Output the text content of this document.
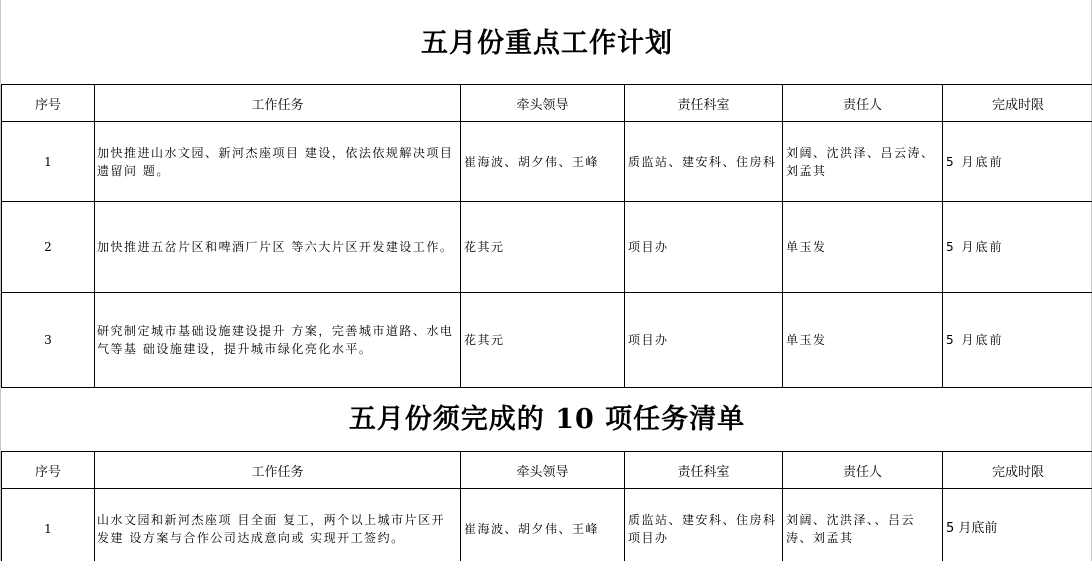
五月份重点工作计划
序号	工作任务	牵头领导	责任科室	责任人	完成时限
1	加快推进山水文园、新河杰座项目 建设，依法依规解决项目遗留问 题。	崔海波、胡夕伟、王峰	质监站、建安科、住房科	刘阔、沈洪泽、吕云涛、刘孟其	5 月底前
2	加快推进五岔片区和啤酒厂片区 等六大片区开发建设工作。	花其元	项目办	单玉发	5 月底前
3	研究制定城市基础设施建设提升 方案，完善城市道路、水电气等基 础设施建设，提升城市绿化亮化水平。	花其元	项目办	单玉发	5 月底前
五月份须完成的 10 项任务清单
序号	工作任务	牵头领导	责任科室	责任人	完成时限
1	山水文园和新河杰座项 目全面 复工，两个以上城市片区开发建 设方案与合作公司达成意向或 实现开工签约。	崔海波、胡夕伟、王峰	质监站、建安科、住房科 项目办	刘阔、沈洪泽、、吕云涛、刘孟其	5 月底前
